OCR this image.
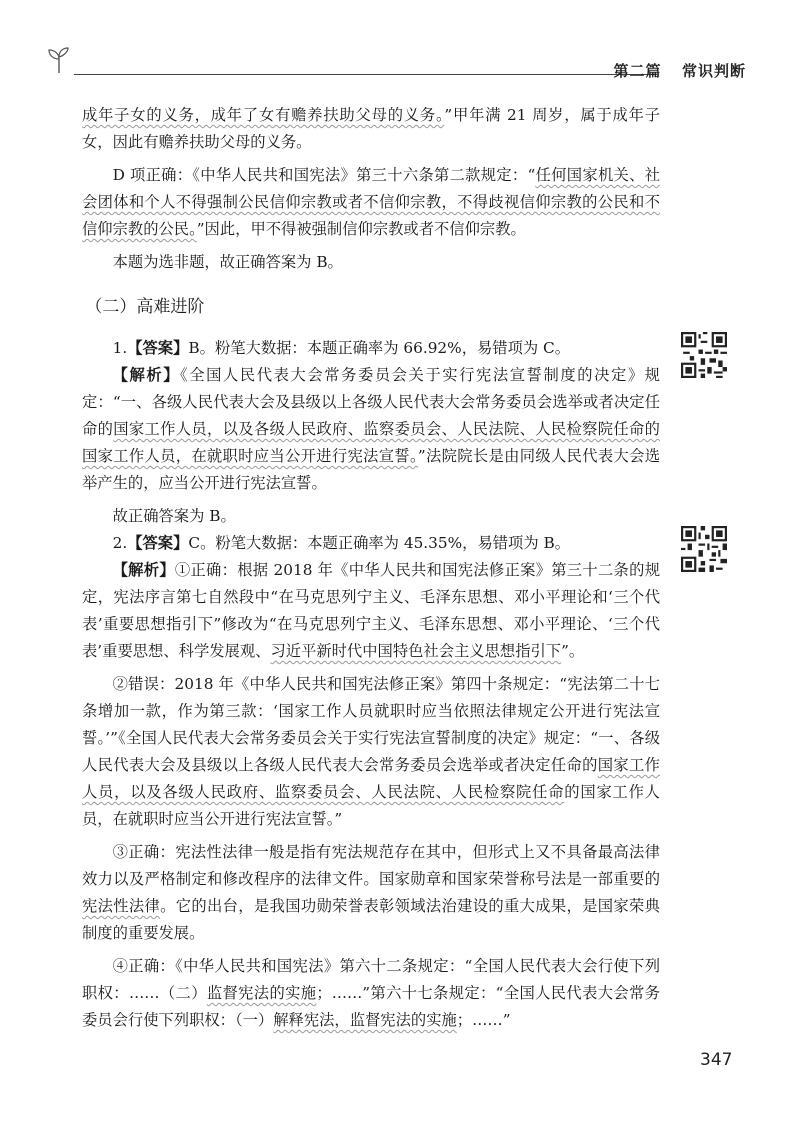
第二篇 常识判断

成年子女的义务，成年了女有赡养扶助父母的义务。”甲年满 21 周岁，属于成年子女，因此有赡养扶助父母的义务。

D 项正确：《中华人民共和国宪法》第三十六条第二款规定：“任何国家机关、社会团体和个人不得强制公民信仰宗教或者不信仰宗教，不得歧视信仰宗教的公民和不信仰宗教的公民。”因此，甲不得被强制信仰宗教或者不信仰宗教。

本题为选非题，故正确答案为 B。

（二）高难进阶

1.【答案】B。粉笔大数据：本题正确率为 66.92%，易错项为 C。

【解析】《全国人民代表大会常务委员会关于实行宪法宣誓制度的决定》规定：“一、各级人民代表大会及县级以上各级人民代表大会常务委员会选举或者决定任命的国家工作人员，以及各级人民政府、监察委员会、人民法院、人民检察院任命的国家工作人员，在就职时应当公开进行宪法宣誓。”法院院长是由同级人民代表大会选举产生的，应当公开进行宪法宣誓。

故正确答案为 B。

2.【答案】C。粉笔大数据：本题正确率为 45.35%，易错项为 B。

【解析】①正确：根据 2018 年《中华人民共和国宪法修正案》第三十二条的规定，宪法序言第七自然段中“在马克思列宁主义、毛泽东思想、邓小平理论和‘三个代表’重要思想指引下”修改为“在马克思列宁主义、毛泽东思想、邓小平理论、‘三个代表’重要思想、科学发展观、习近平新时代中国特色社会主义思想指引下”。

②错误：2018 年《中华人民共和国宪法修正案》第四十条规定：“宪法第二十七条增加一款，作为第三款：‘国家工作人员就职时应当依照法律规定公开进行宪法宣誓。’”《全国人民代表大会常务委员会关于实行宪法宣誓制度的决定》规定：“一、各级人民代表大会及县级以上各级人民代表大会常务委员会选举或者决定任命的国家工作人员，以及各级人民政府、监察委员会、人民法院、人民检察院任命的国家工作人员，在就职时应当公开进行宪法宣誓。”

③正确：宪法性法律一般是指有宪法规范存在其中，但形式上又不具备最高法律效力以及严格制定和修改程序的法律文件。国家勋章和国家荣誉称号法是一部重要的宪法性法律。它的出台，是我国功勋荣誉表彰领域法治建设的重大成果，是国家荣典制度的重要发展。

④正确：《中华人民共和国宪法》第六十二条规定：“全国人民代表大会行使下列职权：……（二）监督宪法的实施；……”第六十七条规定：“全国人民代表大会常务委员会行使下列职权：（一）解释宪法，监督宪法的实施；……”

347
